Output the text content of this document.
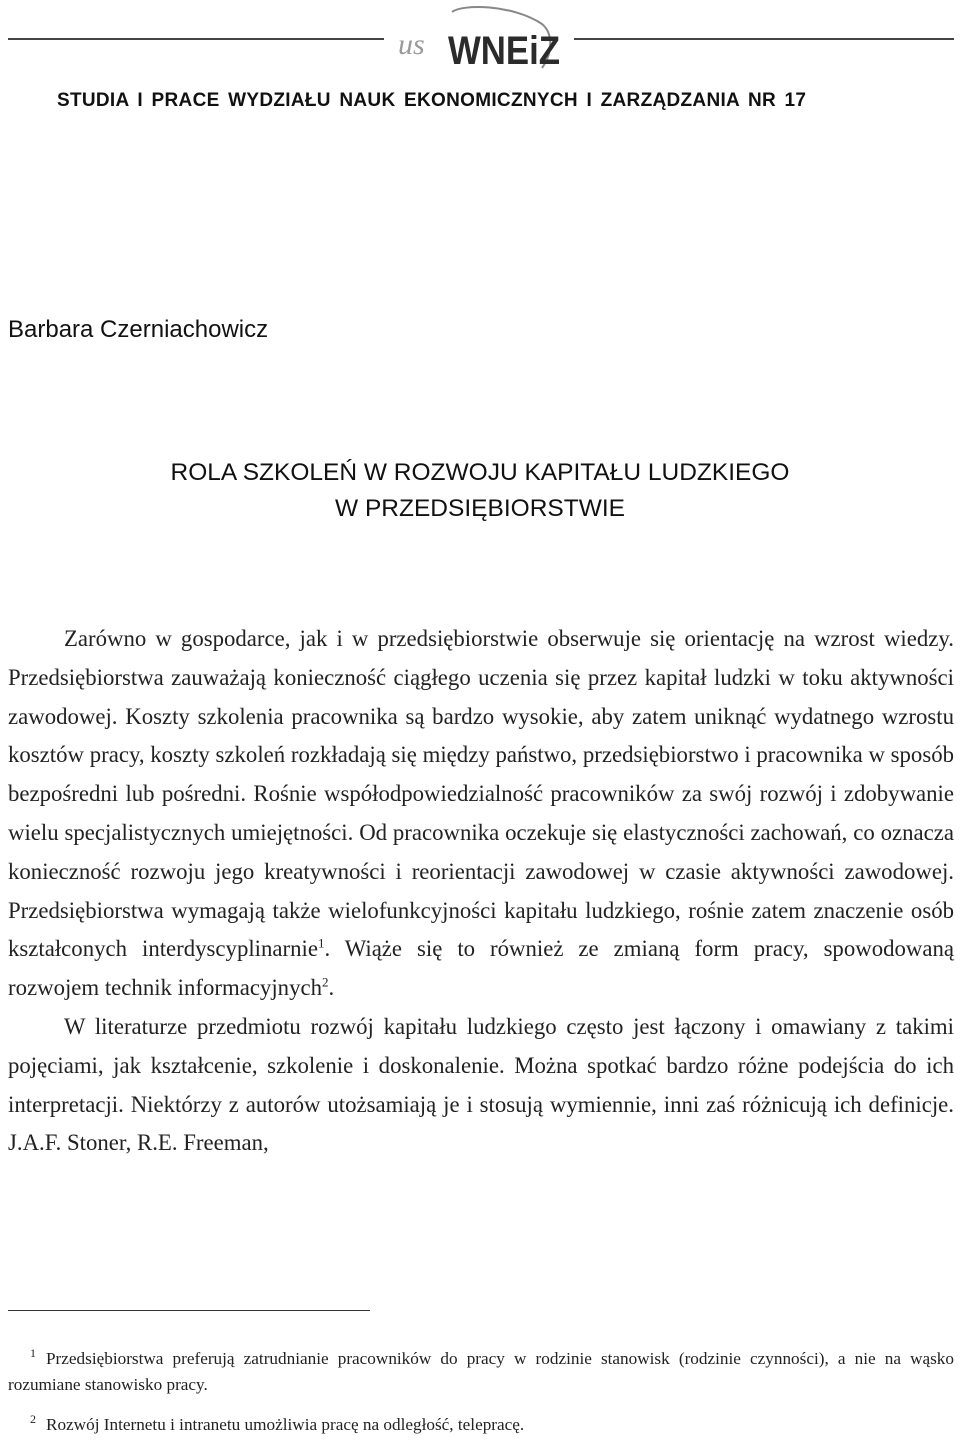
us WNEiZ
STUDIA I PRACE WYDZIAŁU NAUK EKONOMICZNYCH I ZARZĄDZANIA NR 17
Barbara Czerniachowicz
ROLA SZKOLEŃ W ROZWOJU KAPITAŁU LUDZKIEGO
W PRZEDSIĘBIORSTWIE

Zarówno w gospodarce, jak i w przedsiębiorstwie obserwuje się orientację na wzrost wiedzy. Przedsiębiorstwa zauważają konieczność ciągłego uczenia się przez kapitał ludzki w toku aktywności zawodowej. Koszty szkolenia pracownika są bardzo wysokie, aby zatem uniknąć wydatnego wzrostu kosztów pracy, koszty szkoleń rozkładają się między państwo, przedsiębiorstwo i pracownika w sposób bezpośredni lub pośredni. Rośnie współodpowiedzialność pracowników za swój rozwój i zdobywanie wielu specjalistycznych umiejętności. Od pracownika oczekuje się elastyczności zachowań, co oznacza konieczność rozwoju jego kreatywności i reorientacji zawodowej w czasie aktywności zawodowej. Przedsiębiorstwa wymagają także wielofunkcyjności kapitału ludzkiego, rośnie zatem znaczenie osób kształconych interdyscyplinarnie$^1$. Wiąże się to również ze zmianą form pracy, spowodowaną rozwojem technik informacyjnych$^2$.

W literaturze przedmiotu rozwój kapitału ludzkiego często jest łączony i omawiany z takimi pojęciami, jak kształcenie, szkolenie i doskonalenie. Można spotkać bardzo różne podejścia do ich interpretacji. Niektórzy z autorów utożsamiają je i stosują wymiennie, inni zaś różnicują ich definicje. J.A.F. Stoner, R.E. Freeman,

$^1$ Przedsiębiorstwa preferują zatrudnianie pracowników do pracy w rodzinie stanowisk (rodzinie czynności), a nie na wąsko rozumiane stanowisko pracy.

$^2$ Rozwój Internetu i intranetu umożliwia pracę na odległość, telepracę.
